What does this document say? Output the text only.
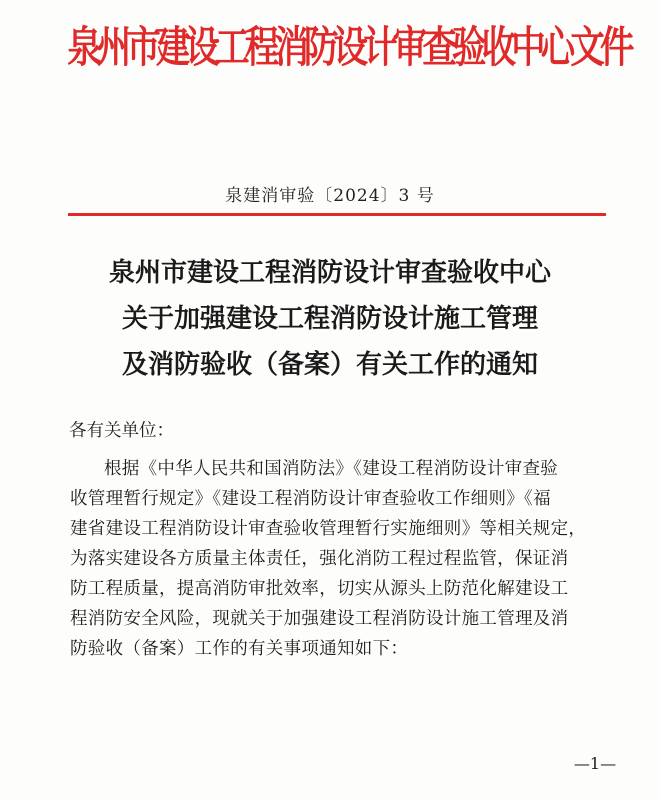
泉州市建设工程消防设计审查验收中心文件
泉建消审验〔2024〕3 号
泉州市建设工程消防设计审查验收中心
关于加强建设工程消防设计施工管理
及消防验收（备案）有关工作的通知
各有关单位：
根据《中华人民共和国消防法》《建设工程消防设计审查验
收管理暂行规定》《建设工程消防设计审查验收工作细则》《福
建省建设工程消防设计审查验收管理暂行实施细则》等相关规定，
为落实建设各方质量主体责任，强化消防工程过程监管，保证消
防工程质量，提高消防审批效率，切实从源头上防范化解建设工
程消防安全风险，现就关于加强建设工程消防设计施工管理及消
防验收（备案）工作的有关事项通知如下：
—1—
